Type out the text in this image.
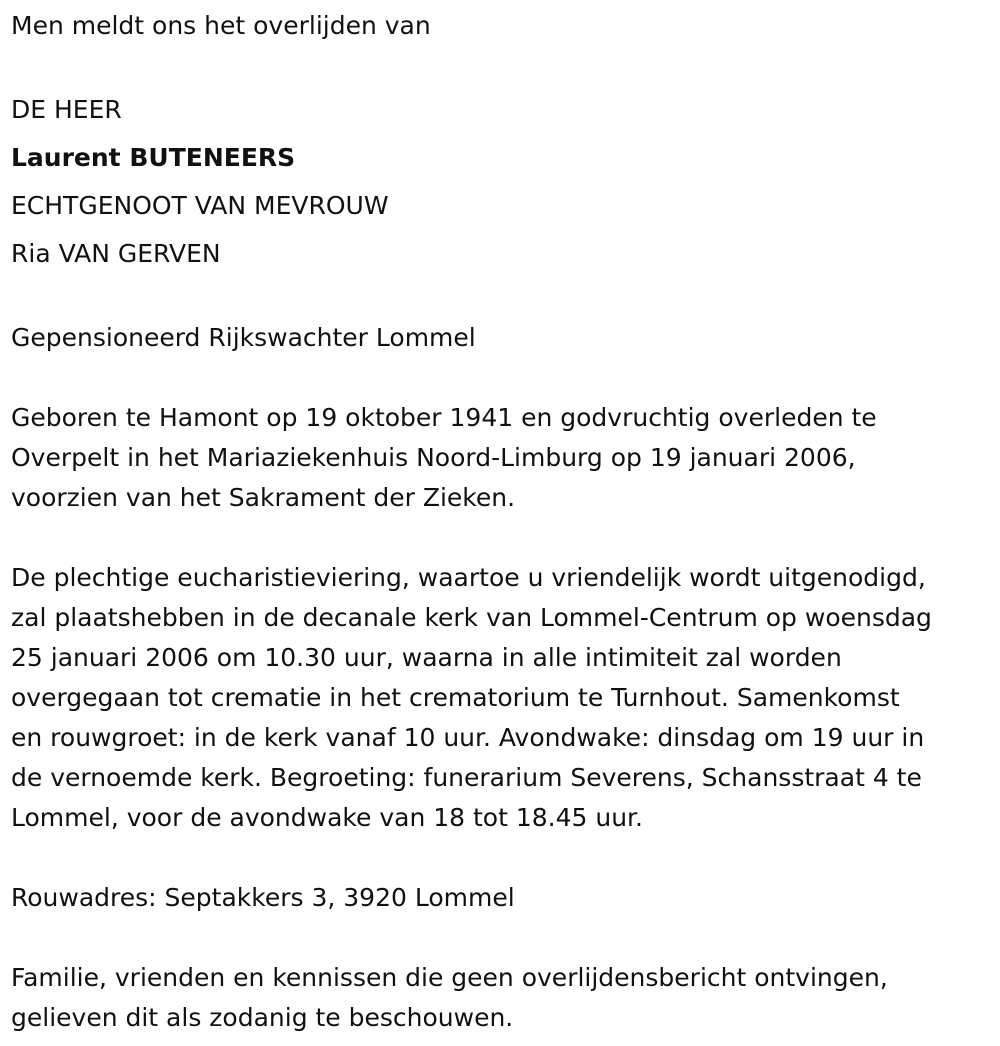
Men meldt ons het overlijden van
DE HEER
Laurent BUTENEERS
ECHTGENOOT VAN MEVROUW
Ria VAN GERVEN
Gepensioneerd Rijkswachter Lommel
Geboren te Hamont op 19 oktober 1941 en godvruchtig overleden te
Overpelt in het Mariaziekenhuis Noord-Limburg op 19 januari 2006,
voorzien van het Sakrament der Zieken.
De plechtige eucharistieviering, waartoe u vriendelijk wordt uitgenodigd,
zal plaatshebben in de decanale kerk van Lommel-Centrum op woensdag
25 januari 2006 om 10.30 uur, waarna in alle intimiteit zal worden
overgegaan tot crematie in het crematorium te Turnhout. Samenkomst
en rouwgroet: in de kerk vanaf 10 uur. Avondwake: dinsdag om 19 uur in
de vernoemde kerk. Begroeting: funerarium Severens, Schansstraat 4 te
Lommel, voor de avondwake van 18 tot 18.45 uur.
Rouwadres: Septakkers 3, 3920 Lommel
Familie, vrienden en kennissen die geen overlijdensbericht ontvingen,
gelieven dit als zodanig te beschouwen.
